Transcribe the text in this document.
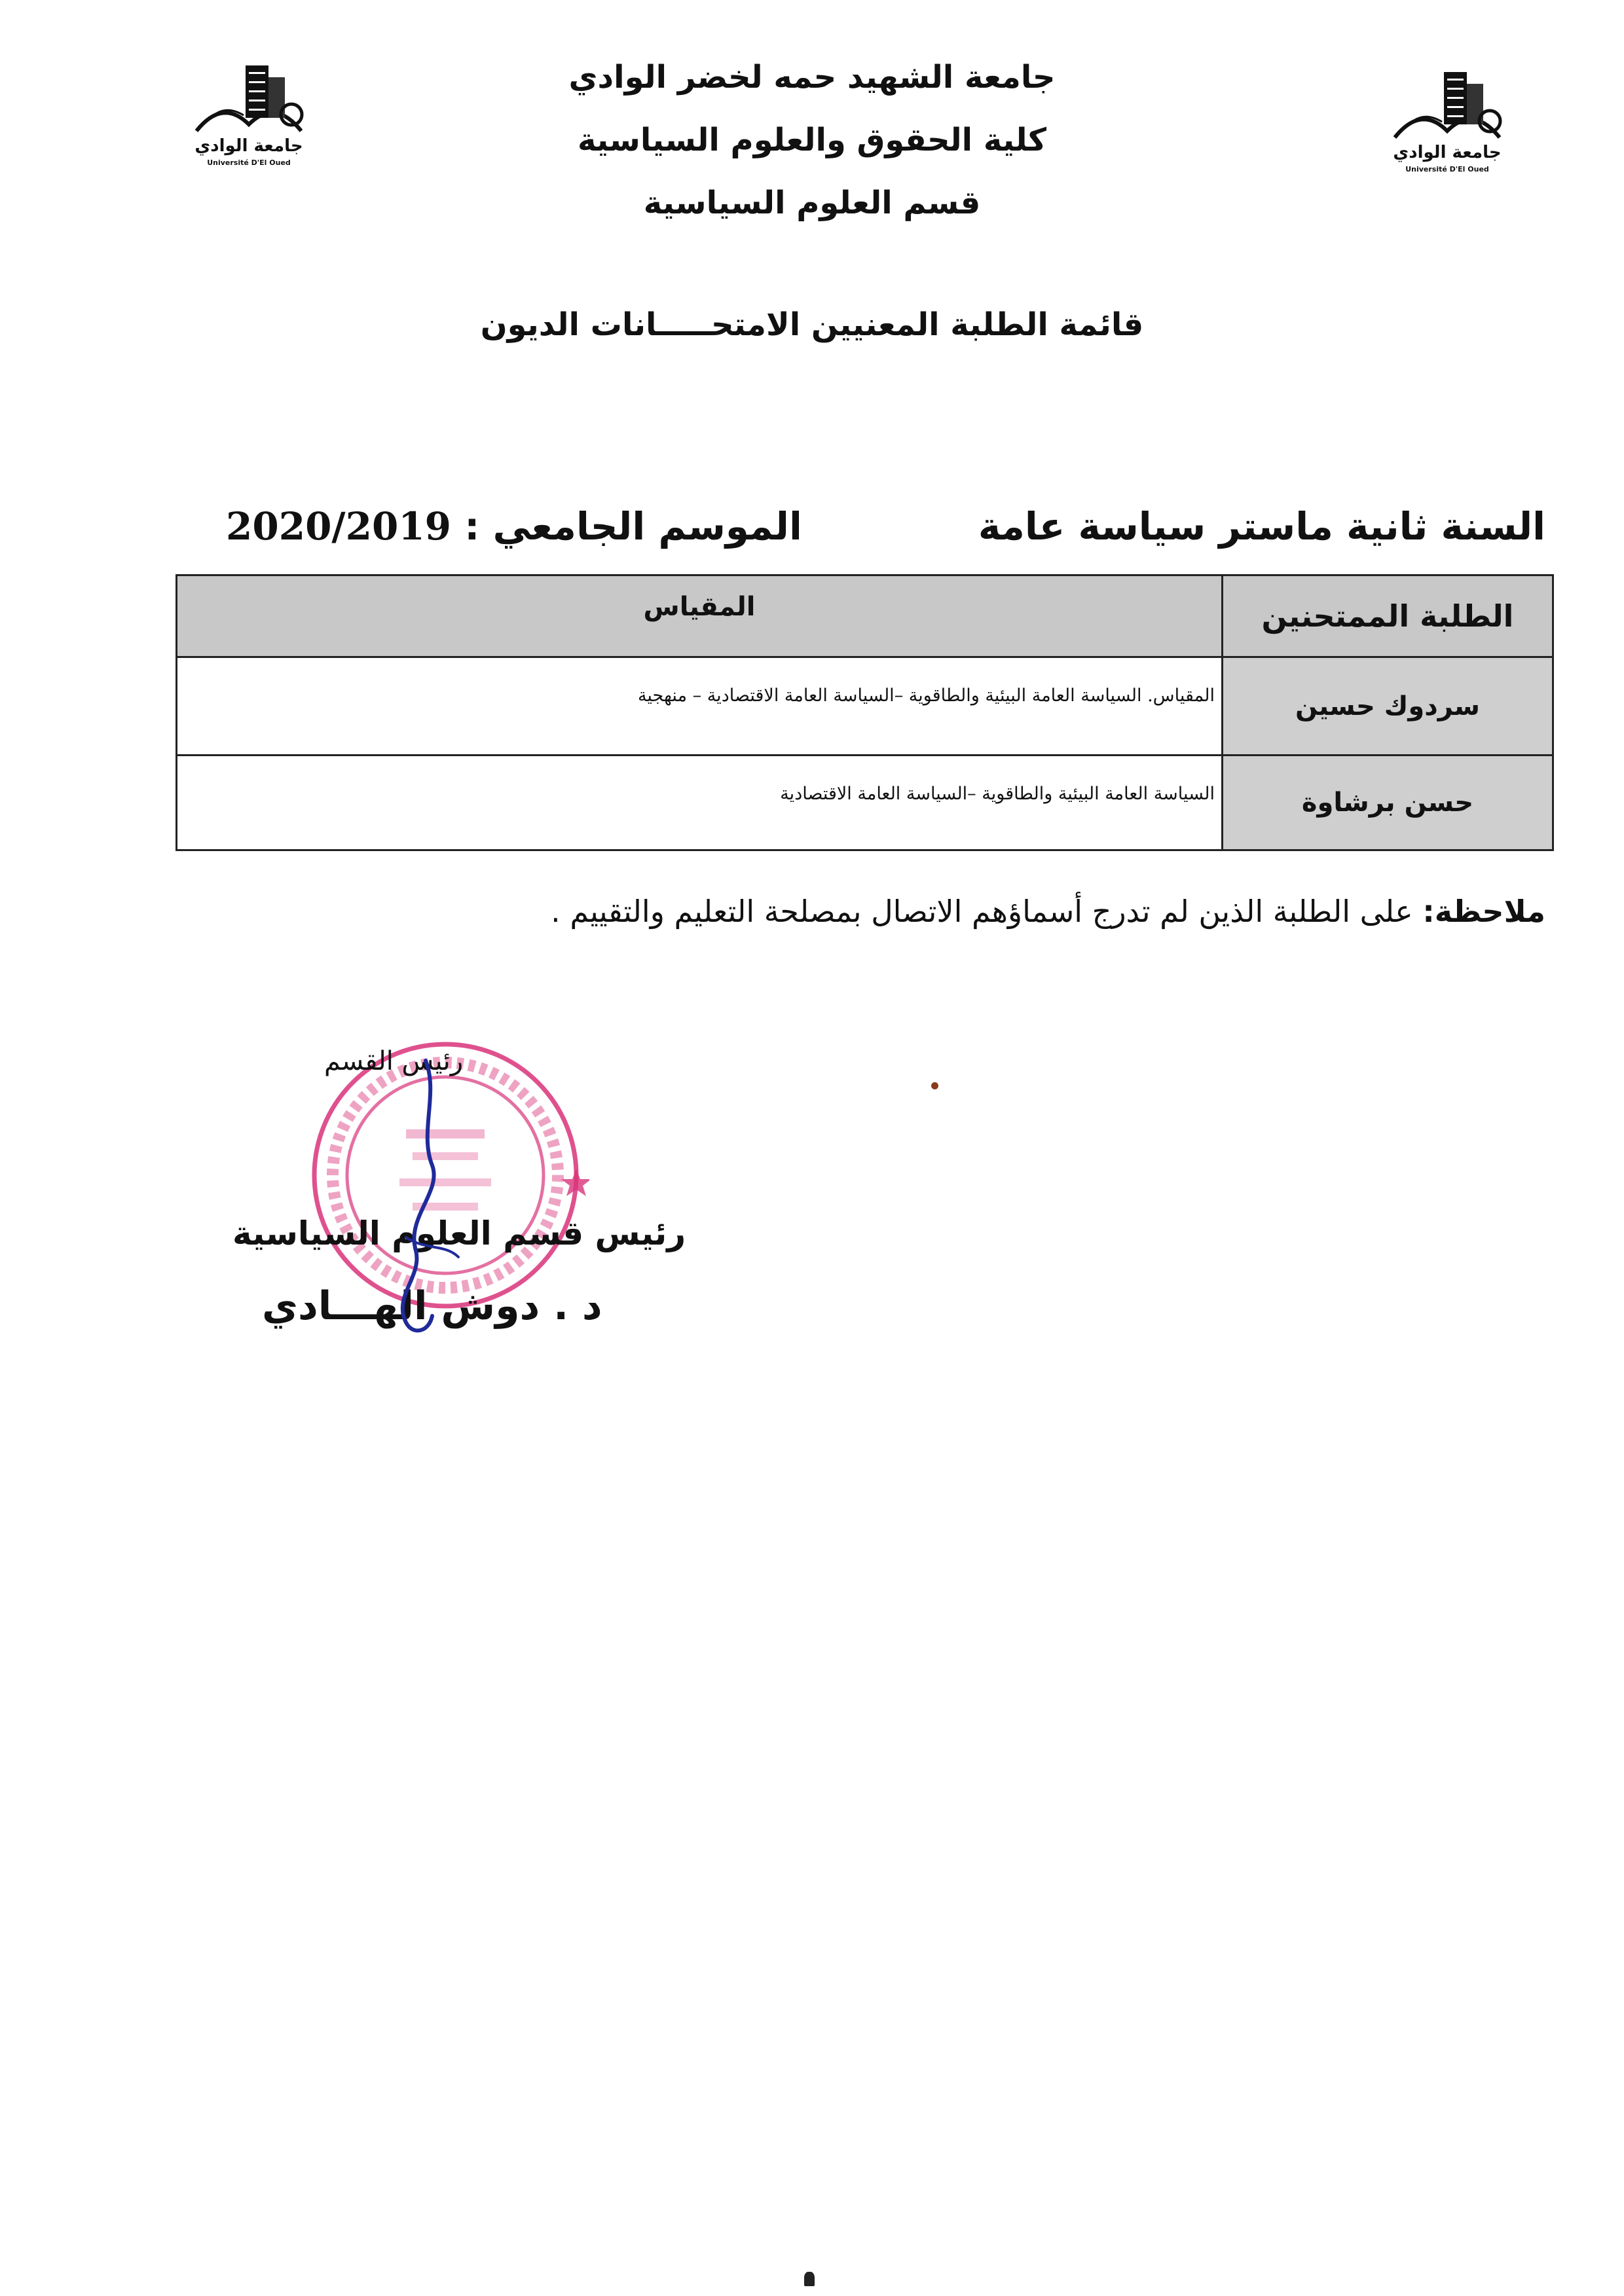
جامعة الوادي
Université D'El Oued
جامعة الوادي
Université D'El Oued
جامعة الشهيد حمه لخضر الوادي
كلية الحقوق والعلوم السياسية
قسم العلوم السياسية
قائمة الطلبة المعنيين الامتحـــــانات الديون
السنة ثانية ماستر سياسة عامة
الموسم الجامعي : 2020/2019
الطلبة الممتحنين	المقياس
سردوك حسين	المقياس. السياسة العامة البيئية والطاقوية –السياسة العامة الاقتصادية – منهجية
حسن برشاوة	السياسة العامة البيئية والطاقوية –السياسة العامة الاقتصادية
ملاحظة: على الطلبة الذين لم تدرج أسماؤهم الاتصال بمصلحة التعليم والتقييم .
رئيس القسم
رئيس قسم العلوم السياسية
د . دوش الهـــادي
